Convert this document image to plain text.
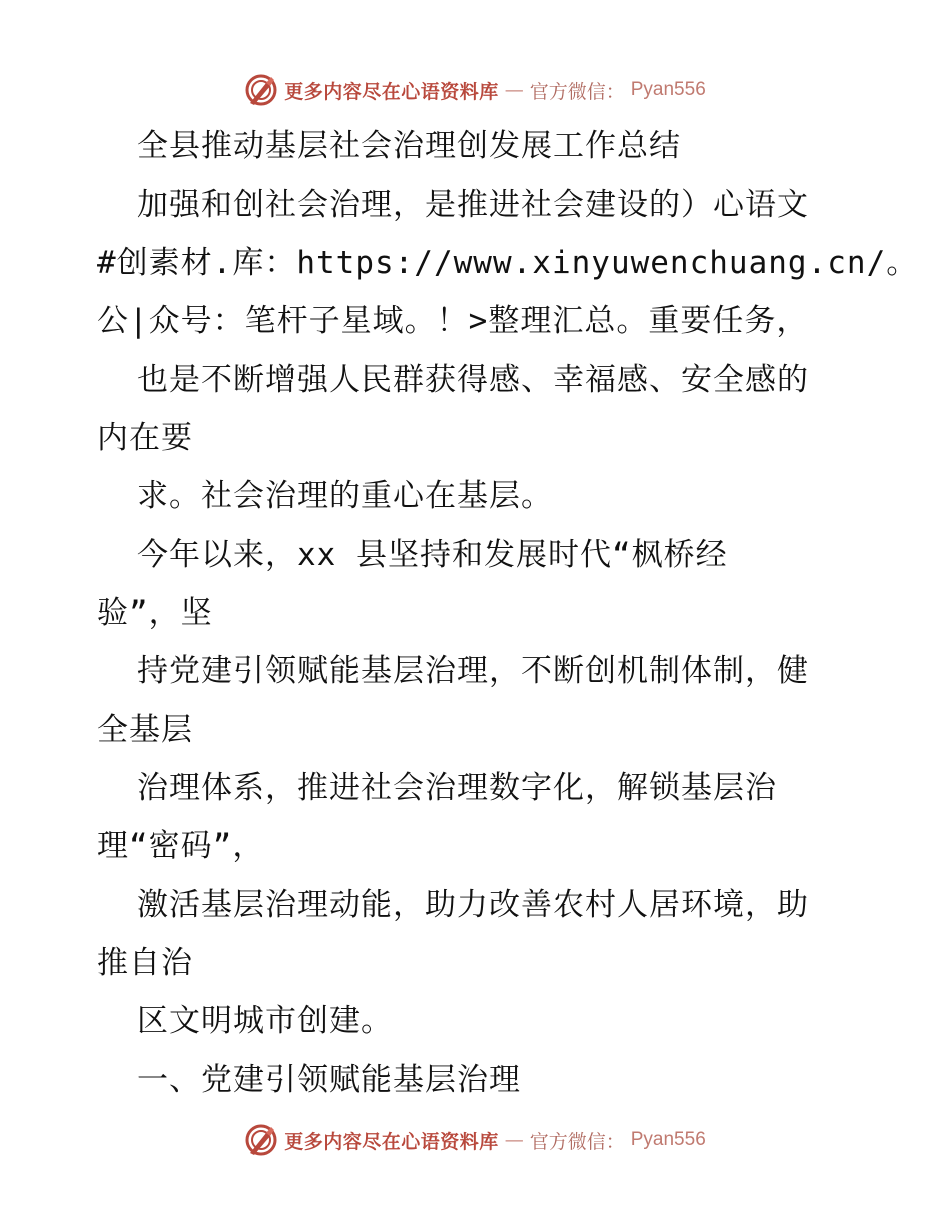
更多内容尽在心语资料库 — 官方微信： Pyan556
全县推动基层社会治理创发展工作总结
加强和创社会治理，是推进社会建设的）心语文
#创素材.库：https://www.xinyuwenchuang.cn/。
公|众号：笔杆子星域。！>整理汇总。重要任务，
也是不断增强人民群获得感、幸福感、安全感的
内在要
求。社会治理的重心在基层。
今年以来，xx 县坚持和发展时代“枫桥经
验”，坚
持党建引领赋能基层治理，不断创机制体制，健
全基层
治理体系，推进社会治理数字化，解锁基层治
理“密码”，
激活基层治理动能，助力改善农村人居环境，助
推自治
区文明城市创建。
一、党建引领赋能基层治理
更多内容尽在心语资料库 — 官方微信： Pyan556
